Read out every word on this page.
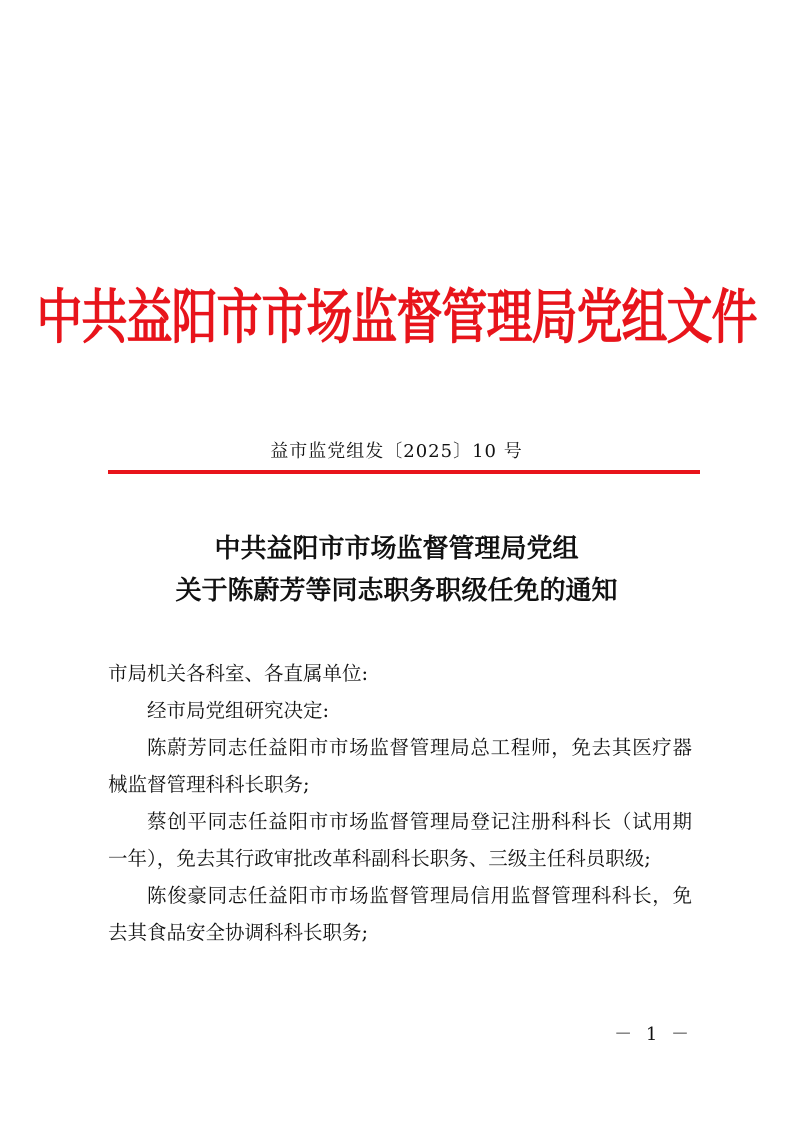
中共益阳市市场监督管理局党组文件
益市监党组发〔2025〕10 号
中共益阳市市场监督管理局党组
关于陈蔚芳等同志职务职级任免的通知

市局机关各科室、各直属单位:

经市局党组研究决定:

陈蔚芳同志任益阳市市场监督管理局总工程师，免去其医疗器械监督管理科科长职务;

蔡创平同志任益阳市市场监督管理局登记注册科科长（试用期一年），免去其行政审批改革科副科长职务、三级主任科员职级;

陈俊豪同志任益阳市市场监督管理局信用监督管理科科长，免去其食品安全协调科科长职务;

－ 1 －
